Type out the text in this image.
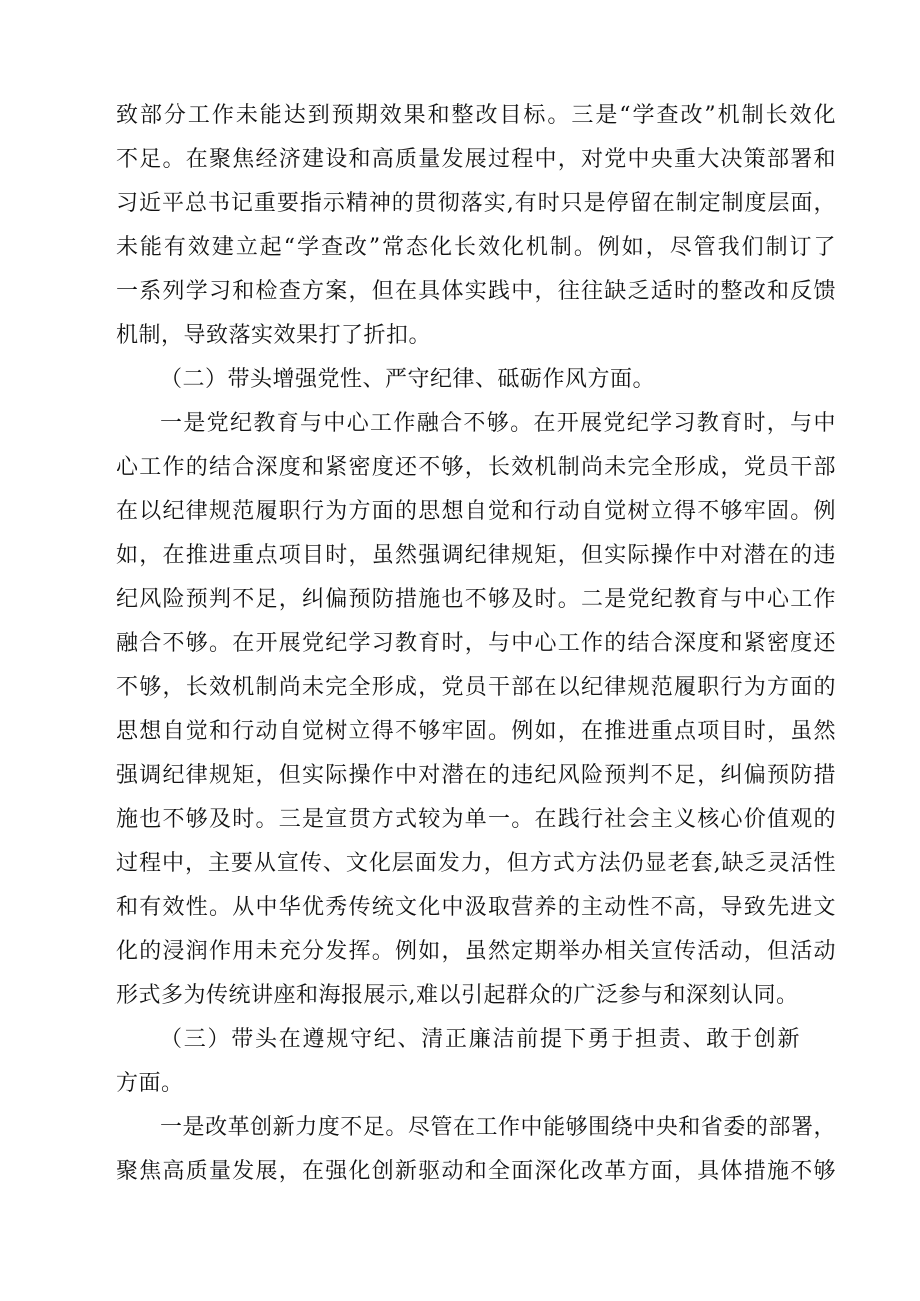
致部分工作未能达到预期效果和整改目标。三是“学查改”机制长效化
不足。在聚焦经济建设和高质量发展过程中，对党中央重大决策部署和
习近平总书记重要指示精神的贯彻落实,有时只是停留在制定制度层面，
未能有效建立起“学查改”常态化长效化机制。例如，尽管我们制订了
一系列学习和检查方案，但在具体实践中，往往缺乏适时的整改和反馈
机制，导致落实效果打了折扣。
（二）带头增强党性、严守纪律、砥砺作风方面。
一是党纪教育与中心工作融合不够。在开展党纪学习教育时，与中
心工作的结合深度和紧密度还不够，长效机制尚未完全形成，党员干部
在以纪律规范履职行为方面的思想自觉和行动自觉树立得不够牢固。例
如，在推进重点项目时，虽然强调纪律规矩，但实际操作中对潜在的违
纪风险预判不足，纠偏预防措施也不够及时。二是党纪教育与中心工作
融合不够。在开展党纪学习教育时，与中心工作的结合深度和紧密度还
不够，长效机制尚未完全形成，党员干部在以纪律规范履职行为方面的
思想自觉和行动自觉树立得不够牢固。例如，在推进重点项目时，虽然
强调纪律规矩，但实际操作中对潜在的违纪风险预判不足，纠偏预防措
施也不够及时。三是宣贯方式较为单一。在践行社会主义核心价值观的
过程中，主要从宣传、文化层面发力，但方式方法仍显老套,缺乏灵活性
和有效性。从中华优秀传统文化中汲取营养的主动性不高，导致先进文
化的浸润作用未充分发挥。例如，虽然定期举办相关宣传活动，但活动
形式多为传统讲座和海报展示,难以引起群众的广泛参与和深刻认同。
（三）带头在遵规守纪、清正廉洁前提下勇于担责、敢于创新
方面。
一是改革创新力度不足。尽管在工作中能够围绕中央和省委的部署，
聚焦高质量发展，在强化创新驱动和全面深化改革方面，具体措施不够
